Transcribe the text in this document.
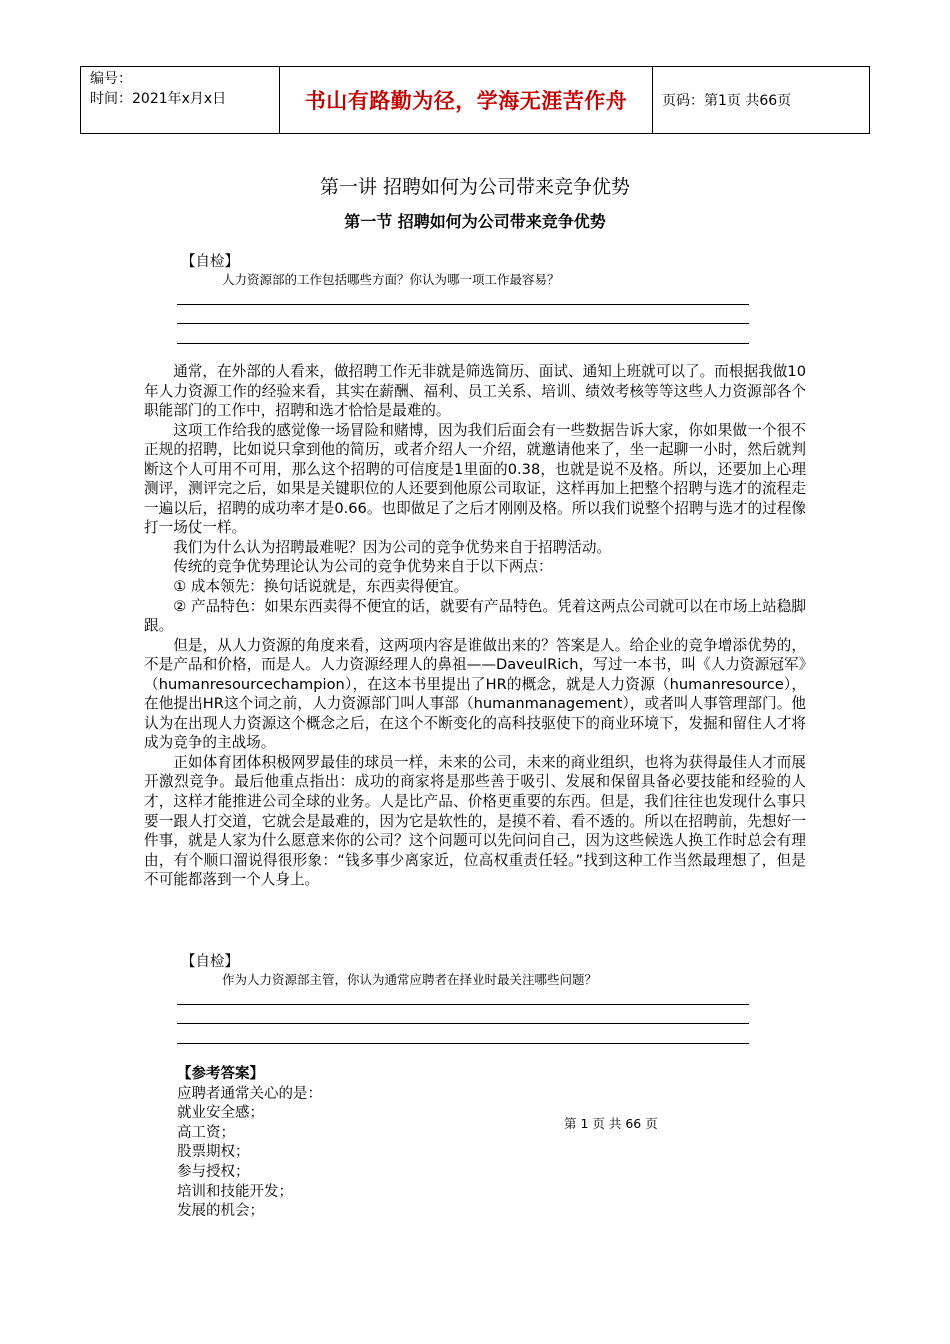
编号：
时间：2021年x月x日	书山有路勤为径，学海无涯苦作舟	页码：第1页 共66页
第一讲 招聘如何为公司带来竞争优势
第一节 招聘如何为公司带来竞争优势
【自检】
人力资源部的工作包括哪些方面？你认为哪一项工作最容易？

通常，在外部的人看来，做招聘工作无非就是筛选简历、面试、通知上班就可以了。而根据我做10年人力资源工作的经验来看，其实在薪酬、福利、员工关系、培训、绩效考核等等这些人力资源部各个职能部门的工作中，招聘和选才恰恰是最难的。

这项工作给我的感觉像一场冒险和赌博，因为我们后面会有一些数据告诉大家，你如果做一个很不正规的招聘，比如说只拿到他的简历，或者介绍人一介绍，就邀请他来了，坐一起聊一小时，然后就判断这个人可用不可用，那么这个招聘的可信度是1里面的0.38，也就是说不及格。所以，还要加上心理测评，测评完之后，如果是关键职位的人还要到他原公司取证，这样再加上把整个招聘与选才的流程走一遍以后，招聘的成功率才是0.66。也即做足了之后才刚刚及格。所以我们说整个招聘与选才的过程像打一场仗一样。

我们为什么认为招聘最难呢？因为公司的竞争优势来自于招聘活动。

传统的竞争优势理论认为公司的竞争优势来自于以下两点：

① 成本领先：换句话说就是，东西卖得便宜。

② 产品特色：如果东西卖得不便宜的话，就要有产品特色。凭着这两点公司就可以在市场上站稳脚跟。

但是，从人力资源的角度来看，这两项内容是谁做出来的？答案是人。给企业的竞争增添优势的，不是产品和价格，而是人。人力资源经理人的鼻祖——DaveulRich，写过一本书，叫《人力资源冠军》（humanresourcechampion），在这本书里提出了HR的概念，就是人力资源（humanresource），在他提出HR这个词之前，人力资源部门叫人事部（humanmanagement），或者叫人事管理部门。他认为在出现人力资源这个概念之后，在这个不断变化的高科技驱使下的商业环境下，发掘和留住人才将成为竞争的主战场。

正如体育团体积极网罗最佳的球员一样，未来的公司，未来的商业组织，也将为获得最佳人才而展开激烈竞争。最后他重点指出：成功的商家将是那些善于吸引、发展和保留具备必要技能和经验的人才，这样才能推进公司全球的业务。人是比产品、价格更重要的东西。但是，我们往往也发现什么事只要一跟人打交道，它就会是最难的，因为它是软性的，是摸不着、看不透的。所以在招聘前，先想好一件事，就是人家为什么愿意来你的公司？这个问题可以先问问自己，因为这些候选人换工作时总会有理由，有个顺口溜说得很形象：“钱多事少离家近，位高权重责任轻。”找到这种工作当然最理想了，但是不可能都落到一个人身上。

【自检】
作为人力资源部主管，你认为通常应聘者在择业时最关注哪些问题？
【参考答案】
应聘者通常关心的是：
就业安全感；
高工资；
股票期权；
参与授权；
培训和技能开发；
发展的机会；
第 1 页 共 66 页
